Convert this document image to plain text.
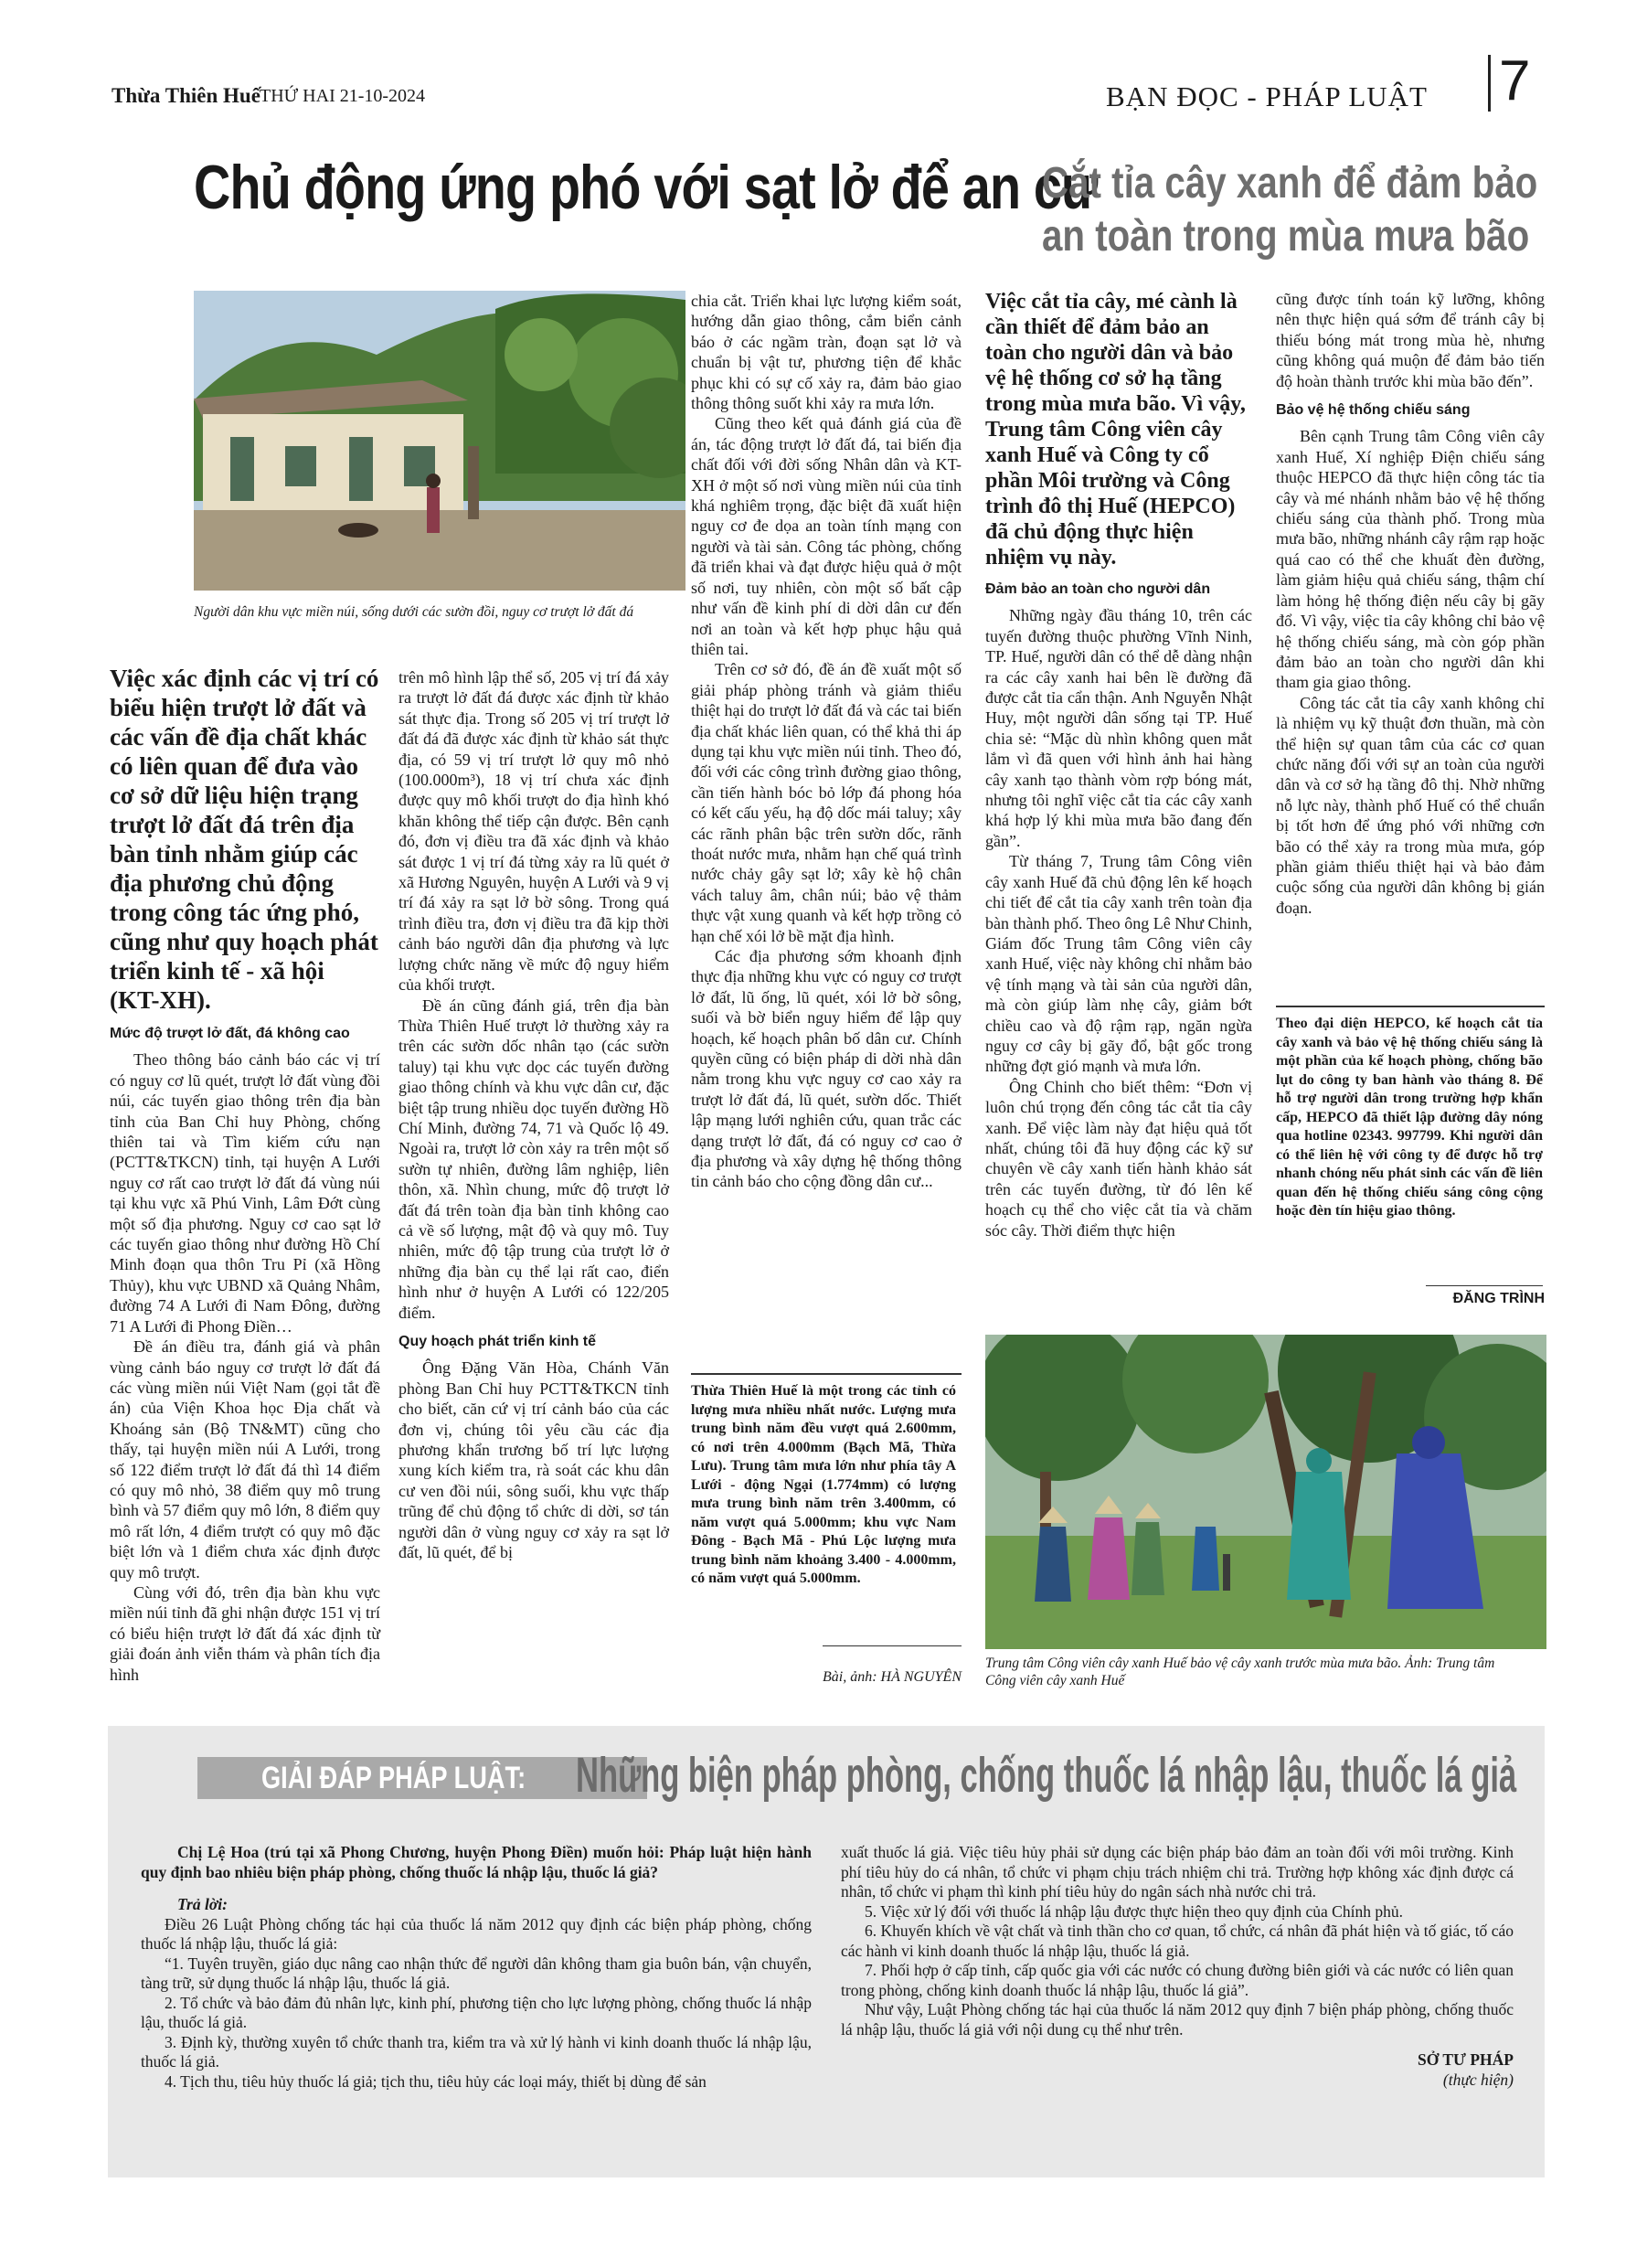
Thừa Thiên Huế THỨ HAI 21-10-2024	BẠN ĐỌC - PHÁP LUẬT 7
Chủ động ứng phó với sạt lở để an cư
Người dân khu vực miền núi, sống dưới các sườn đồi, nguy cơ trượt lở đất đá
Việc xác định các vị trí có biểu hiện trượt lở đất và các vấn đề địa chất khác có liên quan để đưa vào cơ sở dữ liệu hiện trạng trượt lở đất đá trên địa bàn tỉnh nhằm giúp các địa phương chủ động trong công tác ứng phó, cũng như quy hoạch phát triển kinh tế - xã hội (KT-XH).
Mức độ trượt lở đất, đá không cao

Theo thông báo cảnh báo các vị trí có nguy cơ lũ quét, trượt lở đất vùng đồi núi, các tuyến giao thông trên địa bàn tỉnh của Ban Chỉ huy Phòng, chống thiên tai và Tìm kiếm cứu nạn (PCTT&TKCN) tỉnh, tại huyện A Lưới nguy cơ rất cao trượt lở đất đá vùng núi tại khu vực xã Phú Vinh, Lâm Đớt cùng một số địa phương. Nguy cơ cao sạt lở các tuyến giao thông như đường Hồ Chí Minh đoạn qua thôn Tru Pỉ (xã Hồng Thủy), khu vực UBND xã Quảng Nhâm, đường 74 A Lưới đi Nam Đông, đường 71 A Lưới đi Phong Điền…

Đề án điều tra, đánh giá và phân vùng cảnh báo nguy cơ trượt lở đất đá các vùng miền núi Việt Nam (gọi tắt đề án) của Viện Khoa học Địa chất và Khoáng sản (Bộ TN&MT) cũng cho thấy, tại huyện miền núi A Lưới, trong số 122 điểm trượt lở đất đá thì 14 điểm có quy mô nhỏ, 38 điểm quy mô trung bình và 57 điểm quy mô lớn, 8 điểm quy mô rất lớn, 4 điểm trượt có quy mô đặc biệt lớn và 1 điểm chưa xác định được quy mô trượt.

Cùng với đó, trên địa bàn khu vực miền núi tỉnh đã ghi nhận được 151 vị trí có biểu hiện trượt lở đất đá xác định từ giải đoán ảnh viễn thám và phân tích địa hình

trên mô hình lập thể số, 205 vị trí đá xảy ra trượt lở đất đá được xác định từ khảo sát thực địa. Trong số 205 vị trí trượt lở đất đá đã được xác định từ khảo sát thực địa, có 59 vị trí trượt lở quy mô nhỏ (100.000m³), 18 vị trí chưa xác định được quy mô khối trượt do địa hình khó khăn không thể tiếp cận được. Bên cạnh đó, đơn vị điều tra đã xác định và khảo sát được 1 vị trí đá từng xảy ra lũ quét ở xã Hương Nguyên, huyện A Lưới và 9 vị trí đá xảy ra sạt lở bờ sông. Trong quá trình điều tra, đơn vị điều tra đã kịp thời cảnh báo người dân địa phương và lực lượng chức năng về mức độ nguy hiểm của khối trượt.

Đề án cũng đánh giá, trên địa bàn Thừa Thiên Huế trượt lở thường xảy ra trên các sườn dốc nhân tạo (các sườn taluy) tại khu vực dọc các tuyến đường giao thông chính và khu vực dân cư, đặc biệt tập trung nhiều dọc tuyến đường Hồ Chí Minh, đường 74, 71 và Quốc lộ 49. Ngoài ra, trượt lở còn xảy ra trên một số sườn tự nhiên, đường lâm nghiệp, liên thôn, xã. Nhìn chung, mức độ trượt lở đất đá trên toàn địa bàn tỉnh không cao cả về số lượng, mật độ và quy mô. Tuy nhiên, mức độ tập trung của trượt lở ở những địa bàn cụ thể lại rất cao, điển hình như ở huyện A Lưới có 122/205 điểm.

Quy hoạch phát triển kinh tế

Ông Đặng Văn Hòa, Chánh Văn phòng Ban Chỉ huy PCTT&TKCN tỉnh cho biết, căn cứ vị trí cảnh báo của các đơn vị, chúng tôi yêu cầu các địa phương khẩn trương bố trí lực lượng xung kích kiểm tra, rà soát các khu dân cư ven đồi núi, sông suối, khu vực thấp trũng để chủ động tổ chức di dời, sơ tán người dân ở vùng nguy cơ xảy ra sạt lở đất, lũ quét, để bị

chia cắt. Triển khai lực lượng kiểm soát, hướng dẫn giao thông, cắm biển cảnh báo ở các ngầm tràn, đoạn sạt lở và chuẩn bị vật tư, phương tiện để khắc phục khi có sự cố xảy ra, đảm bảo giao thông thông suốt khi xảy ra mưa lớn.

Cũng theo kết quả đánh giá của đề án, tác động trượt lở đất đá, tai biến địa chất đối với đời sống Nhân dân và KT-XH ở một số nơi vùng miền núi của tỉnh khá nghiêm trọng, đặc biệt đã xuất hiện nguy cơ đe dọa an toàn tính mạng con người và tài sản. Công tác phòng, chống đã triển khai và đạt được hiệu quả ở một số nơi, tuy nhiên, còn một số bất cập như vấn đề kinh phí di dời dân cư đến nơi an toàn và kết hợp phục hậu quả thiên tai.

Trên cơ sở đó, đề án đề xuất một số giải pháp phòng tránh và giảm thiểu thiệt hại do trượt lở đất đá và các tai biến địa chất khác liên quan, có thể khả thi áp dụng tại khu vực miền núi tỉnh. Theo đó, đối với các công trình đường giao thông, cần tiến hành bóc bỏ lớp đá phong hóa có kết cấu yếu, hạ độ dốc mái taluy; xây các rãnh phân bậc trên sườn dốc, rãnh thoát nước mưa, nhằm hạn chế quá trình nước chảy gây sạt lở; xây kè hộ chân vách taluy âm, chân núi; bảo vệ thảm thực vật xung quanh và kết hợp trồng cỏ hạn chế xói lở bề mặt địa hình.

Các địa phương sớm khoanh định thực địa những khu vực có nguy cơ trượt lở đất, lũ ống, lũ quét, xói lở bờ sông, suối và bờ biển nguy hiểm để lập quy hoạch, kế hoạch phân bố dân cư. Chính quyền cũng có biện pháp di dời nhà dân nằm trong khu vực nguy cơ cao xảy ra trượt lở đất đá, lũ quét, sườn dốc. Thiết lập mạng lưới nghiên cứu, quan trắc các dạng trượt lở đất, đá có nguy cơ cao ở địa phương và xây dựng hệ thống thông tin cảnh báo cho cộng đồng dân cư...

Thừa Thiên Huế là một trong các tỉnh có lượng mưa nhiều nhất nước. Lượng mưa trung bình năm đều vượt quá 2.600mm, có nơi trên 4.000mm (Bạch Mã, Thừa Lưu). Trung tâm mưa lớn như phía tây A Lưới - động Ngại (1.774mm) có lượng mưa trung bình năm trên 3.400mm, có năm vượt quá 5.000mm; khu vực Nam Đông - Bạch Mã - Phú Lộc lượng mưa trung bình năm khoảng 3.400 - 4.000mm, có năm vượt quá 5.000mm.
Bài, ảnh: HÀ NGUYÊN
Cắt tỉa cây xanh để đảm bảo
an toàn trong mùa mưa bão
Việc cắt tỉa cây, mé cành là cần thiết để đảm bảo an toàn cho người dân và bảo vệ hệ thống cơ sở hạ tầng trong mùa mưa bão. Vì vậy, Trung tâm Công viên cây xanh Huế và Công ty cổ phần Môi trường và Công trình đô thị Huế (HEPCO) đã chủ động thực hiện nhiệm vụ này.
Đảm bảo an toàn cho người dân

Những ngày đầu tháng 10, trên các tuyến đường thuộc phường Vĩnh Ninh, TP. Huế, người dân có thể dễ dàng nhận ra các cây xanh hai bên lề đường đã được cắt tỉa cẩn thận. Anh Nguyễn Nhật Huy, một người dân sống tại TP. Huế chia sẻ: “Mặc dù nhìn không quen mắt lắm vì đã quen với hình ảnh hai hàng cây xanh tạo thành vòm rợp bóng mát, nhưng tôi nghĩ việc cắt tỉa các cây xanh khá hợp lý khi mùa mưa bão đang đến gần”.

Từ tháng 7, Trung tâm Công viên cây xanh Huế đã chủ động lên kế hoạch chi tiết để cắt tỉa cây xanh trên toàn địa bàn thành phố. Theo ông Lê Như Chinh, Giám đốc Trung tâm Công viên cây xanh Huế, việc này không chỉ nhằm bảo vệ tính mạng và tài sản của người dân, mà còn giúp làm nhẹ cây, giảm bớt chiều cao và độ rậm rạp, ngăn ngừa nguy cơ cây bị gãy đổ, bật gốc trong những đợt gió mạnh và mưa lớn.

Ông Chinh cho biết thêm: “Đơn vị luôn chú trọng đến công tác cắt tỉa cây xanh. Để việc làm này đạt hiệu quả tốt nhất, chúng tôi đã huy động các kỹ sư chuyên về cây xanh tiến hành khảo sát trên các tuyến đường, từ đó lên kế hoạch cụ thể cho việc cắt tỉa và chăm sóc cây. Thời điểm thực hiện

cũng được tính toán kỹ lưỡng, không nên thực hiện quá sớm để tránh cây bị thiếu bóng mát trong mùa hè, nhưng cũng không quá muộn để đảm bảo tiến độ hoàn thành trước khi mùa bão đến”.

Bảo vệ hệ thống chiếu sáng

Bên cạnh Trung tâm Công viên cây xanh Huế, Xí nghiệp Điện chiếu sáng thuộc HEPCO đã thực hiện công tác tỉa cây và mé nhánh nhằm bảo vệ hệ thống chiếu sáng của thành phố. Trong mùa mưa bão, những nhánh cây rậm rạp hoặc quá cao có thể che khuất đèn đường, làm giảm hiệu quả chiếu sáng, thậm chí làm hỏng hệ thống điện nếu cây bị gãy đổ. Vì vậy, việc tỉa cây không chỉ bảo vệ hệ thống chiếu sáng, mà còn góp phần đảm bảo an toàn cho người dân khi tham gia giao thông.

Công tác cắt tỉa cây xanh không chỉ là nhiệm vụ kỹ thuật đơn thuần, mà còn thể hiện sự quan tâm của các cơ quan chức năng đối với sự an toàn của người dân và cơ sở hạ tầng đô thị. Nhờ những nỗ lực này, thành phố Huế có thể chuẩn bị tốt hơn để ứng phó với những cơn bão có thể xảy ra trong mùa mưa, góp phần giảm thiểu thiệt hại và bảo đảm cuộc sống của người dân không bị gián đoạn.

Theo đại diện HEPCO, kế hoạch cắt tỉa cây xanh và bảo vệ hệ thống chiếu sáng là một phần của kế hoạch phòng, chống bão lụt do công ty ban hành vào tháng 8. Để hỗ trợ người dân trong trường hợp khẩn cấp, HEPCO đã thiết lập đường dây nóng qua hotline 02343. 997799. Khi người dân có thể liên hệ với công ty để được hỗ trợ nhanh chóng nếu phát sinh các vấn đề liên quan đến hệ thống chiếu sáng công cộng hoặc đèn tín hiệu giao thông.
ĐĂNG TRÌNH
Trung tâm Công viên cây xanh Huế bảo vệ cây xanh trước mùa mưa bão. Ảnh: Trung tâm Công viên cây xanh Huế
GIẢI ĐÁP PHÁP LUẬT: Những biện pháp phòng, chống thuốc lá nhập lậu, thuốc lá giả

Chị Lệ Hoa (trú tại xã Phong Chương, huyện Phong Điền) muốn hỏi: Pháp luật hiện hành quy định bao nhiêu biện pháp phòng, chống thuốc lá nhập lậu, thuốc lá giả?

Trả lời:

Điều 26 Luật Phòng chống tác hại của thuốc lá năm 2012 quy định các biện pháp phòng, chống thuốc lá nhập lậu, thuốc lá giả:

“1. Tuyên truyền, giáo dục nâng cao nhận thức để người dân không tham gia buôn bán, vận chuyển, tàng trữ, sử dụng thuốc lá nhập lậu, thuốc lá giả.

2. Tổ chức và bảo đảm đủ nhân lực, kinh phí, phương tiện cho lực lượng phòng, chống thuốc lá nhập lậu, thuốc lá giả.

3. Định kỳ, thường xuyên tổ chức thanh tra, kiểm tra và xử lý hành vi kinh doanh thuốc lá nhập lậu, thuốc lá giả.

4. Tịch thu, tiêu hủy thuốc lá giả; tịch thu, tiêu hủy các loại máy, thiết bị dùng để sản

xuất thuốc lá giả. Việc tiêu hủy phải sử dụng các biện pháp bảo đảm an toàn đối với môi trường. Kinh phí tiêu hủy do cá nhân, tổ chức vi phạm chịu trách nhiệm chi trả. Trường hợp không xác định được cá nhân, tổ chức vi phạm thì kinh phí tiêu hủy do ngân sách nhà nước chi trả.

5. Việc xử lý đối với thuốc lá nhập lậu được thực hiện theo quy định của Chính phủ.

6. Khuyến khích về vật chất và tinh thần cho cơ quan, tổ chức, cá nhân đã phát hiện và tố giác, tố cáo các hành vi kinh doanh thuốc lá nhập lậu, thuốc lá giả.

7. Phối hợp ở cấp tỉnh, cấp quốc gia với các nước có chung đường biên giới và các nước có liên quan trong phòng, chống kinh doanh thuốc lá nhập lậu, thuốc lá giả”.

Như vậy, Luật Phòng chống tác hại của thuốc lá năm 2012 quy định 7 biện pháp phòng, chống thuốc lá nhập lậu, thuốc lá giả với nội dung cụ thể như trên.

SỞ TƯ PHÁP
(thực hiện)
